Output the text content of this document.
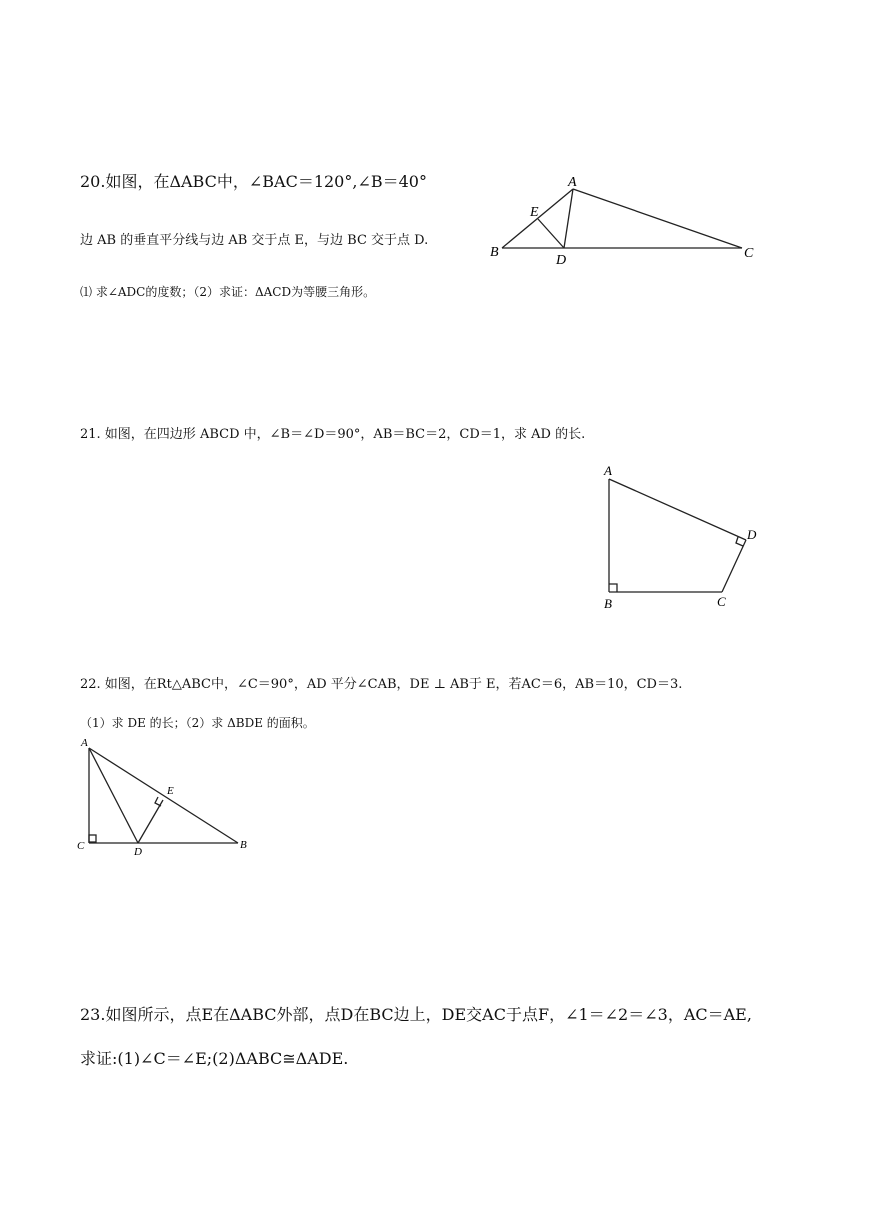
20.如图，在ΔABC中，∠BAC＝120°,∠B＝40°
边 AB 的垂直平分线与边 AB 交于点 E，与边 BC 交于点 D.
⑴ 求∠ADC的度数；（2）求证：ΔACD为等腰三角形。
A
E
B
D	C
21. 如图，在四边形 ABCD 中，∠B＝∠D＝90°，AB＝BC＝2，CD＝1，求 AD 的长.
A
B	C
D
22. 如图，在Rt△ABC中，∠C＝90°，AD 平分∠CAB，DE ⊥ AB于 E，若AC＝6，AB＝10，CD＝3.
（1）求 DE 的长；（2）求 ΔBDE 的面积。
A
E
C	D
B
23.如图所示，点E在ΔABC外部，点D在BC边上，DE交AC于点F，∠1＝∠2＝∠3，AC＝AE,
求证:(1)∠C＝∠E;(2)ΔABC≅ΔADE.
